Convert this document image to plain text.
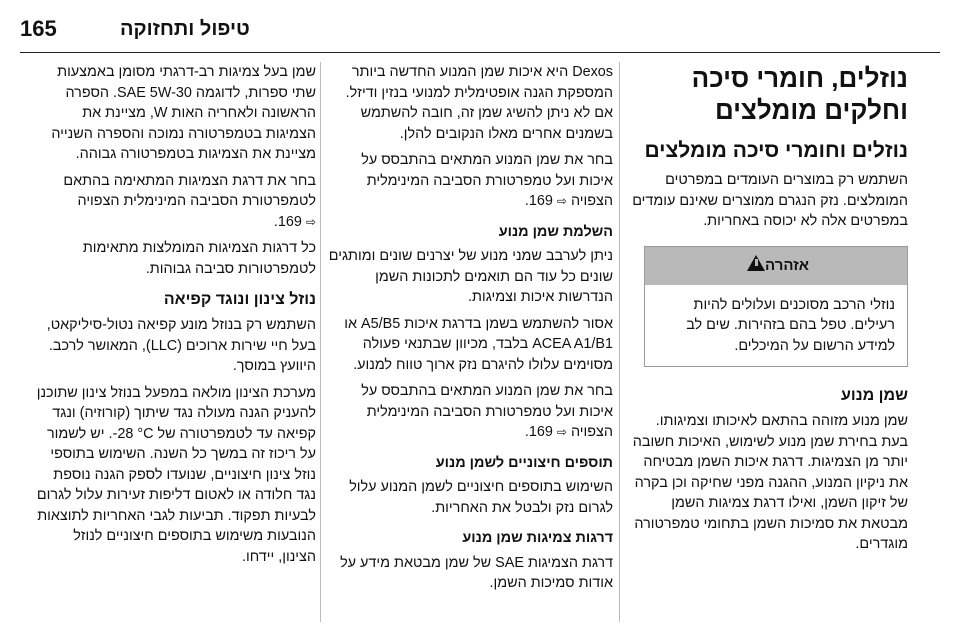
165	טיפול ותחזוקה
נוזלים, חומרי סיכה וחלקים מומלצים
נוזלים וחומרי סיכה מומלצים

השתמש רק במוצרים העומדים במפרטים המומלצים. נזק הנגרם ממוצרים שאינם עומדים במפרטים אלה לא יכוסה באחריות.

אזהרה
נוזלי הרכב מסוכנים ועלולים להיות רעילים. טפל בהם בזהירות. שים לב למידע הרשום על המיכלים.
שמן מנוע

שמן מנוע מזוהה בהתאם לאיכותו וצמיגותו. בעת בחירת שמן מנוע לשימוש, האיכות חשובה יותר מן הצמיגות. דרגת איכות השמן מבטיחה את ניקיון המנוע, ההגנה מפני שחיקה וכן בקרה של זיקון השמן, ואילו דרגת צמיגות השמן מבטאת את סמיכות השמן בתחומי טמפרטורה מוגדרים.

Dexos היא איכות שמן המנוע החדשה ביותר המספקת הגנה אופטימלית למנועי בנזין ודיזל. אם לא ניתן להשיג שמן זה, חובה להשתמש בשמנים אחרים מאלו הנקובים להלן.

בחר את שמן המנוע המתאים בהתבסס על איכות ועל טמפרטורת הסביבה המינימלית הצפויה ⇨ 169.

השלמת שמן מנוע

ניתן לערבב שמני מנוע של יצרנים שונים ומותגים שונים כל עוד הם תואמים לתכונות השמן הנדרשות איכות וצמיגות.

אסור להשתמש בשמן בדרגת איכות A5/B5 או ACEA A1/B1 בלבד, מכיוון שבתנאי פעולה מסוימים עלולו להיגרם נזק ארוך טווח למנוע.

בחר את שמן המנוע המתאים בהתבסס על איכות ועל טמפרטורת הסביבה המינימלית הצפויה ⇨ 169.

תוספים חיצוניים לשמן מנוע

השימוש בתוספים חיצוניים לשמן המנוע עלול לגרום נזק ולבטל את האחריות.

דרגות צמיגות שמן מנוע

דרגת הצמיגות SAE של שמן מבטאת מידע על אודות סמיכות השמן.

שמן בעל צמיגות רב-דרגתי מסומן באמצעות שתי ספרות, לדוגמה SAE 5W-30. הספרה הראשונה ולאחריה האות W, מציינת את הצמיגות בטמפרטורה נמוכה והספרה השנייה מציינת את הצמיגות בטמפרטורה גבוהה.

בחר את דרגת הצמיגות המתאימה בהתאם לטמפרטורת הסביבה המינימלית הצפויה ⇨ 169.

כל דרגות הצמיגות המומלצות מתאימות לטמפרטורות סביבה גבוהות.

נוזל צינון ונוגד קפיאה

השתמש רק בנוזל מונע קפיאה נטול-סיליקאט, בעל חיי שירות ארוכים (LLC), המאושר לרכב. היוועץ במוסך.

מערכת הצינון מולאה במפעל בנוזל צינון שתוכנן להעניק הגנה מעולה נגד שיתוך (קורוזיה) ונגד קפיאה עד לטמפרטורה של ‎-28 °C‏. יש לשמור על ריכוז זה במשך כל השנה. השימוש בתוספי נוזל צינון חיצוניים, שנועדו לספק הגנה נוספת נגד חלודה או לאטום דליפות זעירות עלול לגרום לבעיות תפקוד. תביעות לגבי האחריות לתוצאות הנובעות משימוש בתוספים חיצוניים לנוזל הצינון, יידחו.
